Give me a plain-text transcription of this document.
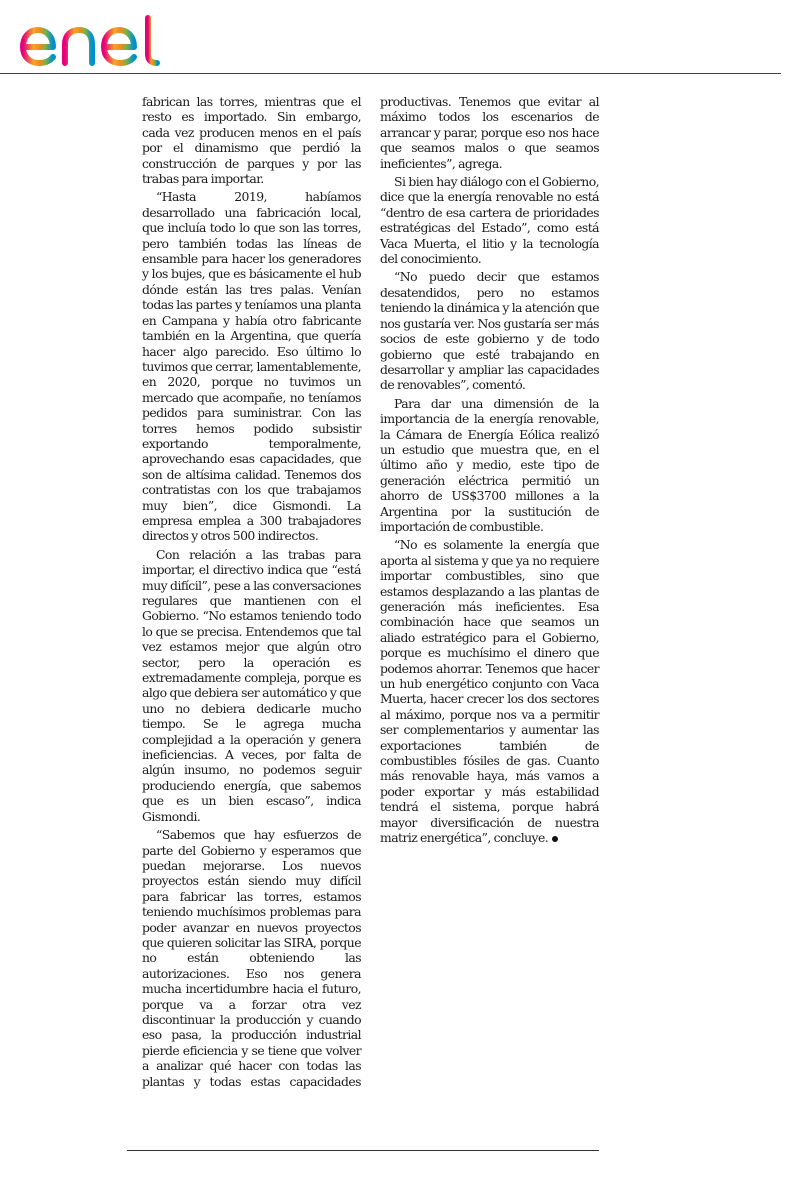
fabrican las torres, mientras que el resto es importado. Sin embargo, cada vez producen menos en el país por el dinamismo que perdió la construcción de parques y por las trabas para importar.

“Hasta 2019, habíamos desarrollado una fabricación local, que incluía todo lo que son las torres, pero también todas las líneas de ensamble para hacer los generadores y los bujes, que es básicamente el hub dónde están las tres palas. Venían todas las partes y teníamos una planta en Campana y había otro fabricante también en la Argentina, que quería hacer algo parecido. Eso último lo tuvimos que cerrar, lamentablemente, en 2020, porque no tuvimos un mercado que acompañe, no teníamos pedidos para suministrar. Con las torres hemos podido subsistir exportando temporalmente, aprovechando esas capacidades, que son de altísima calidad. Tenemos dos contratistas con los que trabajamos muy bien”, dice Gismondi. La empresa emplea a 300 trabajadores directos y otros 500 indirectos.

Con relación a las trabas para importar, el directivo indica que “está muy difícil”, pese a las conversaciones regulares que mantienen con el Gobierno. “No estamos teniendo todo lo que se precisa. Entendemos que tal vez estamos mejor que algún otro sector, pero la operación es extremadamente compleja, porque es algo que debiera ser automático y que uno no debiera dedicarle mucho tiempo. Se le agrega mucha complejidad a la operación y genera ineficiencias. A veces, por falta de algún insumo, no podemos seguir produciendo energía, que sabemos que es un bien escaso”, indica Gismondi.

“Sabemos que hay esfuerzos de parte del Gobierno y esperamos que puedan mejorarse. Los nuevos proyectos están siendo muy difícil para fabricar las torres, estamos teniendo muchísimos problemas para poder avanzar en nuevos proyectos que quieren solicitar las SIRA, porque no están obteniendo las autorizaciones. Eso nos genera mucha incertidumbre hacia el futuro, porque va a forzar otra vez discontinuar la producción y cuando eso pasa, la producción industrial pierde eficiencia y se tiene que volver a analizar qué hacer con todas las plantas y todas estas capacidades productivas. Tenemos que evitar al máximo todos los escenarios de arrancar y parar, porque eso nos hace que seamos malos o que seamos ineficientes”, agrega.

Si bien hay diálogo con el Gobierno, dice que la energía renovable no está “dentro de esa cartera de prioridades estratégicas del Estado”, como está Vaca Muerta, el litio y la tecnología del conocimiento.

“No puedo decir que estamos desatendidos, pero no estamos teniendo la dinámica y la atención que nos gustaría ver. Nos gustaría ser más socios de este gobierno y de todo gobierno que esté trabajando en desarrollar y ampliar las capacidades de renovables”, comentó.

Para dar una dimensión de la importancia de la energía renovable, la Cámara de Energía Eólica realizó un estudio que muestra que, en el último año y medio, este tipo de generación eléctrica permitió un ahorro de US$3700 millones a la Argentina por la sustitución de importación de combustible.

“No es solamente la energía que aporta al sistema y que ya no requiere importar combustibles, sino que estamos desplazando a las plantas de generación más ineficientes. Esa combinación hace que seamos un aliado estratégico para el Gobierno, porque es muchísimo el dinero que podemos ahorrar. Tenemos que hacer un hub energético conjunto con Vaca Muerta, hacer crecer los dos sectores al máximo, porque nos va a permitir ser complementarios y aumentar las exportaciones también de combustibles fósiles de gas. Cuanto más renovable haya, más vamos a poder exportar y más estabilidad tendrá el sistema, porque habrá mayor diversificación de nuestra matriz energética”, concluye.
